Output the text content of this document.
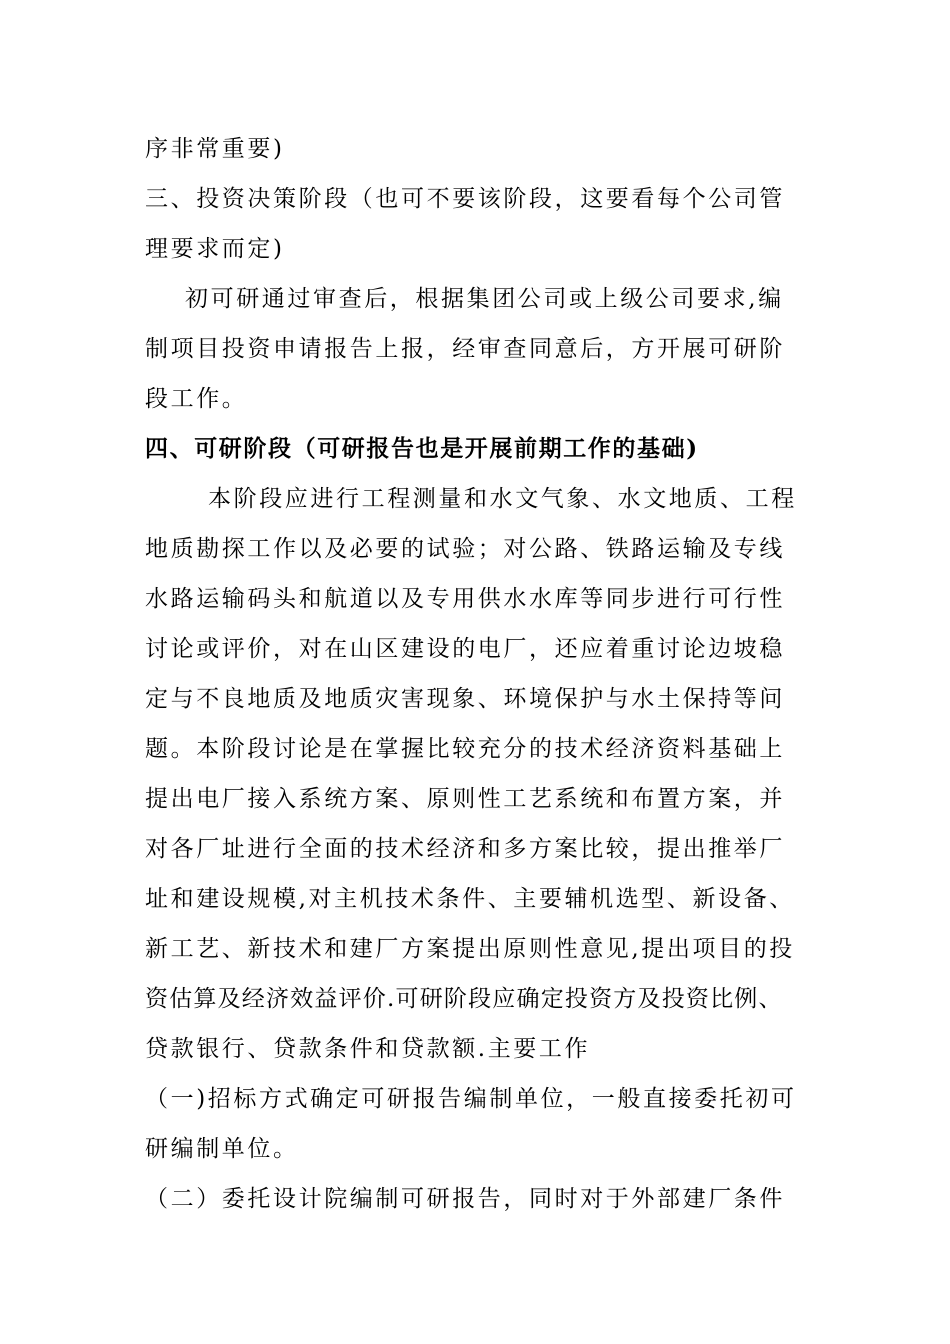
序非常重要)
三、投资决策阶段（也可不要该阶段，这要看每个公司管
理要求而定)
初可研通过审查后，根据集团公司或上级公司要求,编
制项目投资申请报告上报，经审查同意后，方开展可研阶
段工作。
四、可研阶段（可研报告也是开展前期工作的基础)
本阶段应进行工程测量和水文气象、水文地质、工程
地质勘探工作以及必要的试验；对公路、铁路运输及专线
水路运输码头和航道以及专用供水水库等同步进行可行性
讨论或评价，对在山区建设的电厂，还应着重讨论边坡稳
定与不良地质及地质灾害现象、环境保护与水土保持等问
题。本阶段讨论是在掌握比较充分的技术经济资料基础上
提出电厂接入系统方案、原则性工艺系统和布置方案，并
对各厂址进行全面的技术经济和多方案比较，提出推举厂
址和建设规模,对主机技术条件、主要辅机选型、新设备、
新工艺、新技术和建厂方案提出原则性意见,提出项目的投
资估算及经济效益评价.可研阶段应确定投资方及投资比例、
贷款银行、贷款条件和贷款额.主要工作
（一)招标方式确定可研报告编制单位，一般直接委托初可
研编制单位。
（二）委托设计院编制可研报告，同时对于外部建厂条件
